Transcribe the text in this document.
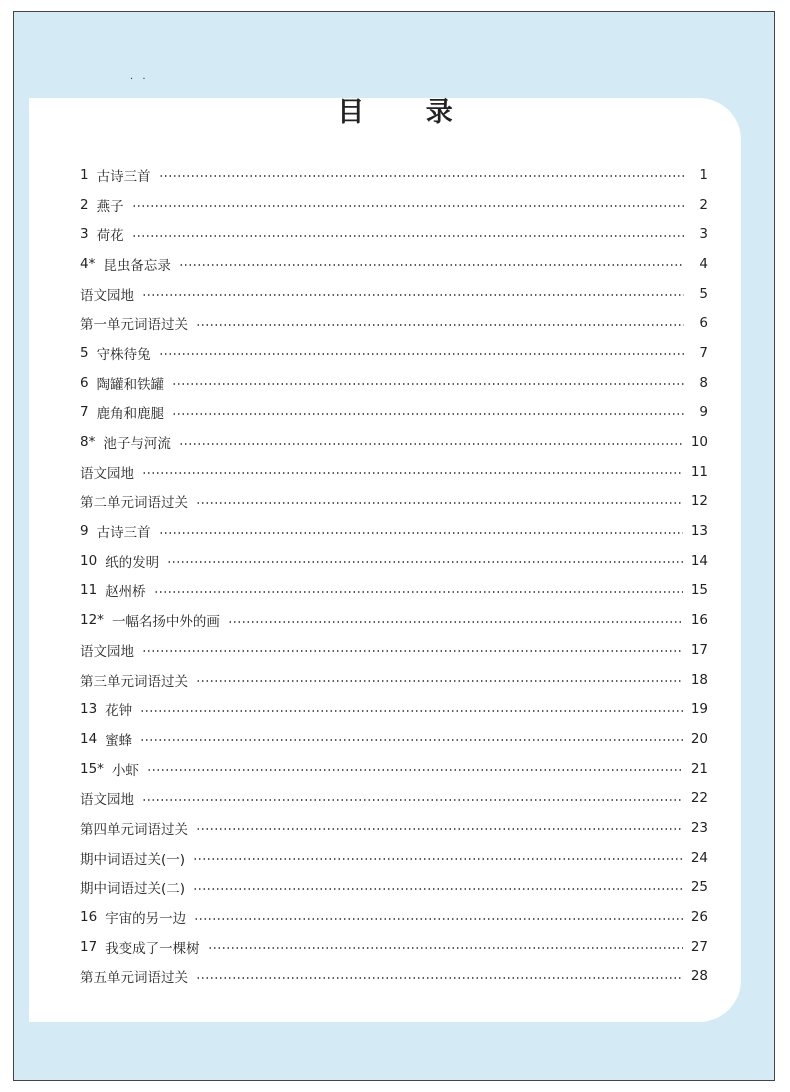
· ·
目 录
1 古诗三首	1
2 燕子	2
3 荷花	3
4* 昆虫备忘录	4
语文园地	5
第一单元词语过关	6
5 守株待兔	7
6 陶罐和铁罐	8
7 鹿角和鹿腿	9
8* 池子与河流	10
语文园地	11
第二单元词语过关	12
9 古诗三首	13
10 纸的发明	14
11 赵州桥	15
12* 一幅名扬中外的画	16
语文园地	17
第三单元词语过关	18
13 花钟	19
14 蜜蜂	20
15* 小虾	21
语文园地	22
第四单元词语过关	23
期中词语过关(一)	24
期中词语过关(二)	25
16 宇宙的另一边	26
17 我变成了一棵树	27
第五单元词语过关	28
